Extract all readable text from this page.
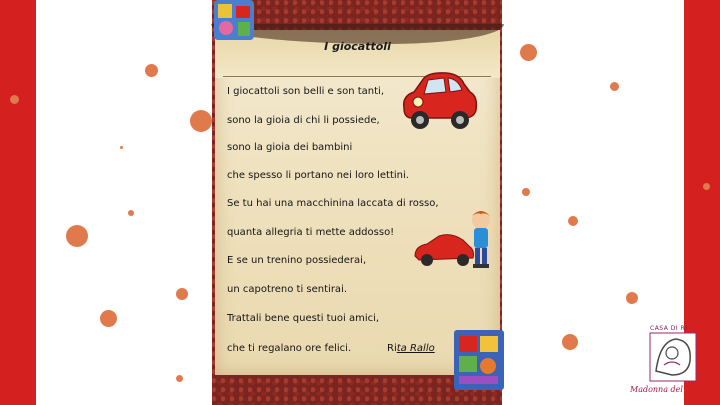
I giocattoli
I giocattoli son belli e son tanti,
sono la gioia di chi li possiede,
sono la gioia dei bambini
che spesso li portano nei loro lettini.
Se tu hai una macchinina laccata di rosso,
quanta allegria ti mette addosso!
E se un trenino possiederai,
un capotreno ti sentirai.
Trattali bene questi tuoi amici,
che ti regalano ore felici.	Rita Rallo
CASA DI RI
Madonna del
